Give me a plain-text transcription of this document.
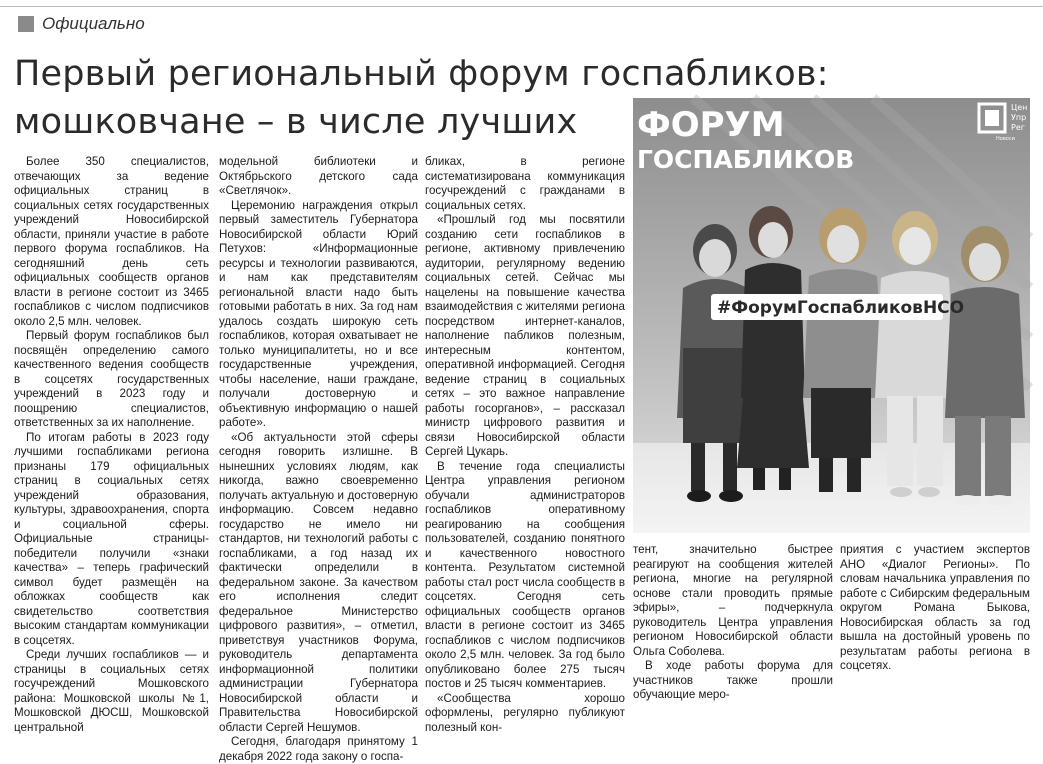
Официально
Первый региональный форум госпабликов:
мошковчане – в числе лучших

Более 350 специалистов, отвечающих за ведение официальных страниц в социальных сетях государственных учреждений Новосибирской области, приняли участие в работе первого форума госпабликов. На сегодняшний день сеть официальных сообществ органов власти в регионе состоит из 3465 госпабликов с числом подписчиков около 2,5 млн. человек.

Первый форум госпабликов был посвящён определению самого качественного ведения сообществ в соцсетях государственных учреждений в 2023 году и поощрению специалистов, ответственных за их наполнение.

По итогам работы в 2023 году лучшими госпабликами региона признаны 179 официальных страниц в социальных сетях учреждений образования, культуры, здравоохранения, спорта и социальной сферы. Официальные страницы-победители получили «знаки качества» – теперь графический символ будет размещён на обложках сообществ как свидетельство соответствия высоким стандартам коммуникации в соцсетях.

Среди лучших госпабликов — и страницы в социальных сетях госучреждений Мошковского района: Мошковской школы №1, Мошковской ДЮСШ, Мошковской центральной

модельной библиотеки и Октябрьского детского сада «Светлячок».

Церемонию награждения открыл первый заместитель Губернатора Новосибирской области Юрий Петухов: «Информационные ресурсы и технологии развиваются, и нам как представителям региональной власти надо быть готовыми работать в них. За год нам удалось создать широкую сеть госпабликов, которая охватывает не только муниципалитеты, но и все государственные учреждения, чтобы население, наши граждане, получали достоверную и объективную информацию о нашей работе».

«Об актуальности этой сферы сегодня говорить излишне. В нынешних условиях людям, как никогда, важно своевременно получать актуальную и достоверную информацию. Совсем недавно государство не имело ни стандартов, ни технологий работы с госпабликами, а год назад их фактически определили в федеральном законе. За качеством его исполнения следит федеральное Министерство цифрового развития», – отметил, приветствуя участников Форума, руководитель департамента информационной политики администрации Губернатора Новосибирской области и Правительства Новосибирской области Сергей Нешумов.

Сегодня, благодаря принятому 1 декабря 2022 года закону о госпа-

бликах, в регионе систематизирована коммуникация госучреждений с гражданами в социальных сетях.

«Прошлый год мы посвятили созданию сети госпабликов в регионе, активному привлечению аудитории, регулярному ведению социальных сетей. Сейчас мы нацелены на повышение качества взаимодействия с жителями региона посредством интернет-каналов, наполнение пабликов полезным, интересным контентом, оперативной информацией. Сегодня ведение страниц в социальных сетях – это важное направление работы госорганов», – рассказал министр цифрового развития и связи Новосибирской области Сергей Цукарь.

В течение года специалисты Центра управления регионом обучали администраторов госпабликов оперативному реагированию на сообщения пользователей, созданию понятного и качественного новостного контента. Результатом системной работы стал рост числа сообществ в соцсетях. Сегодня сеть официальных сообществ органов власти в регионе состоит из 3465 госпабликов с числом подписчиков около 2,5 млн. человек. За год было опубликовано более 275 тысяч постов и 25 тысяч комментариев.

«Сообщества хорошо оформлены, регулярно публикуют полезный кон-

ФОРУМ
ГОСПАБЛИКОВ
Цен
Упр
Рег
Новоси
#ФорумГоспабликовНСО

тент, значительно быстрее реагируют на сообщения жителей региона, многие на регулярной основе стали проводить прямые эфиры», – подчеркнула руководитель Центра управления регионом Новосибирской области Ольга Соболева.

В ходе работы форума для участников также прошли обучающие меро-

приятия с участием экспертов АНО «Диалог Регионы». По словам начальника управления по работе с Сибирским федеральным округом Романа Быкова, Новосибирская область за год вышла на достойный уровень по результатам работы региона в соцсетях.
